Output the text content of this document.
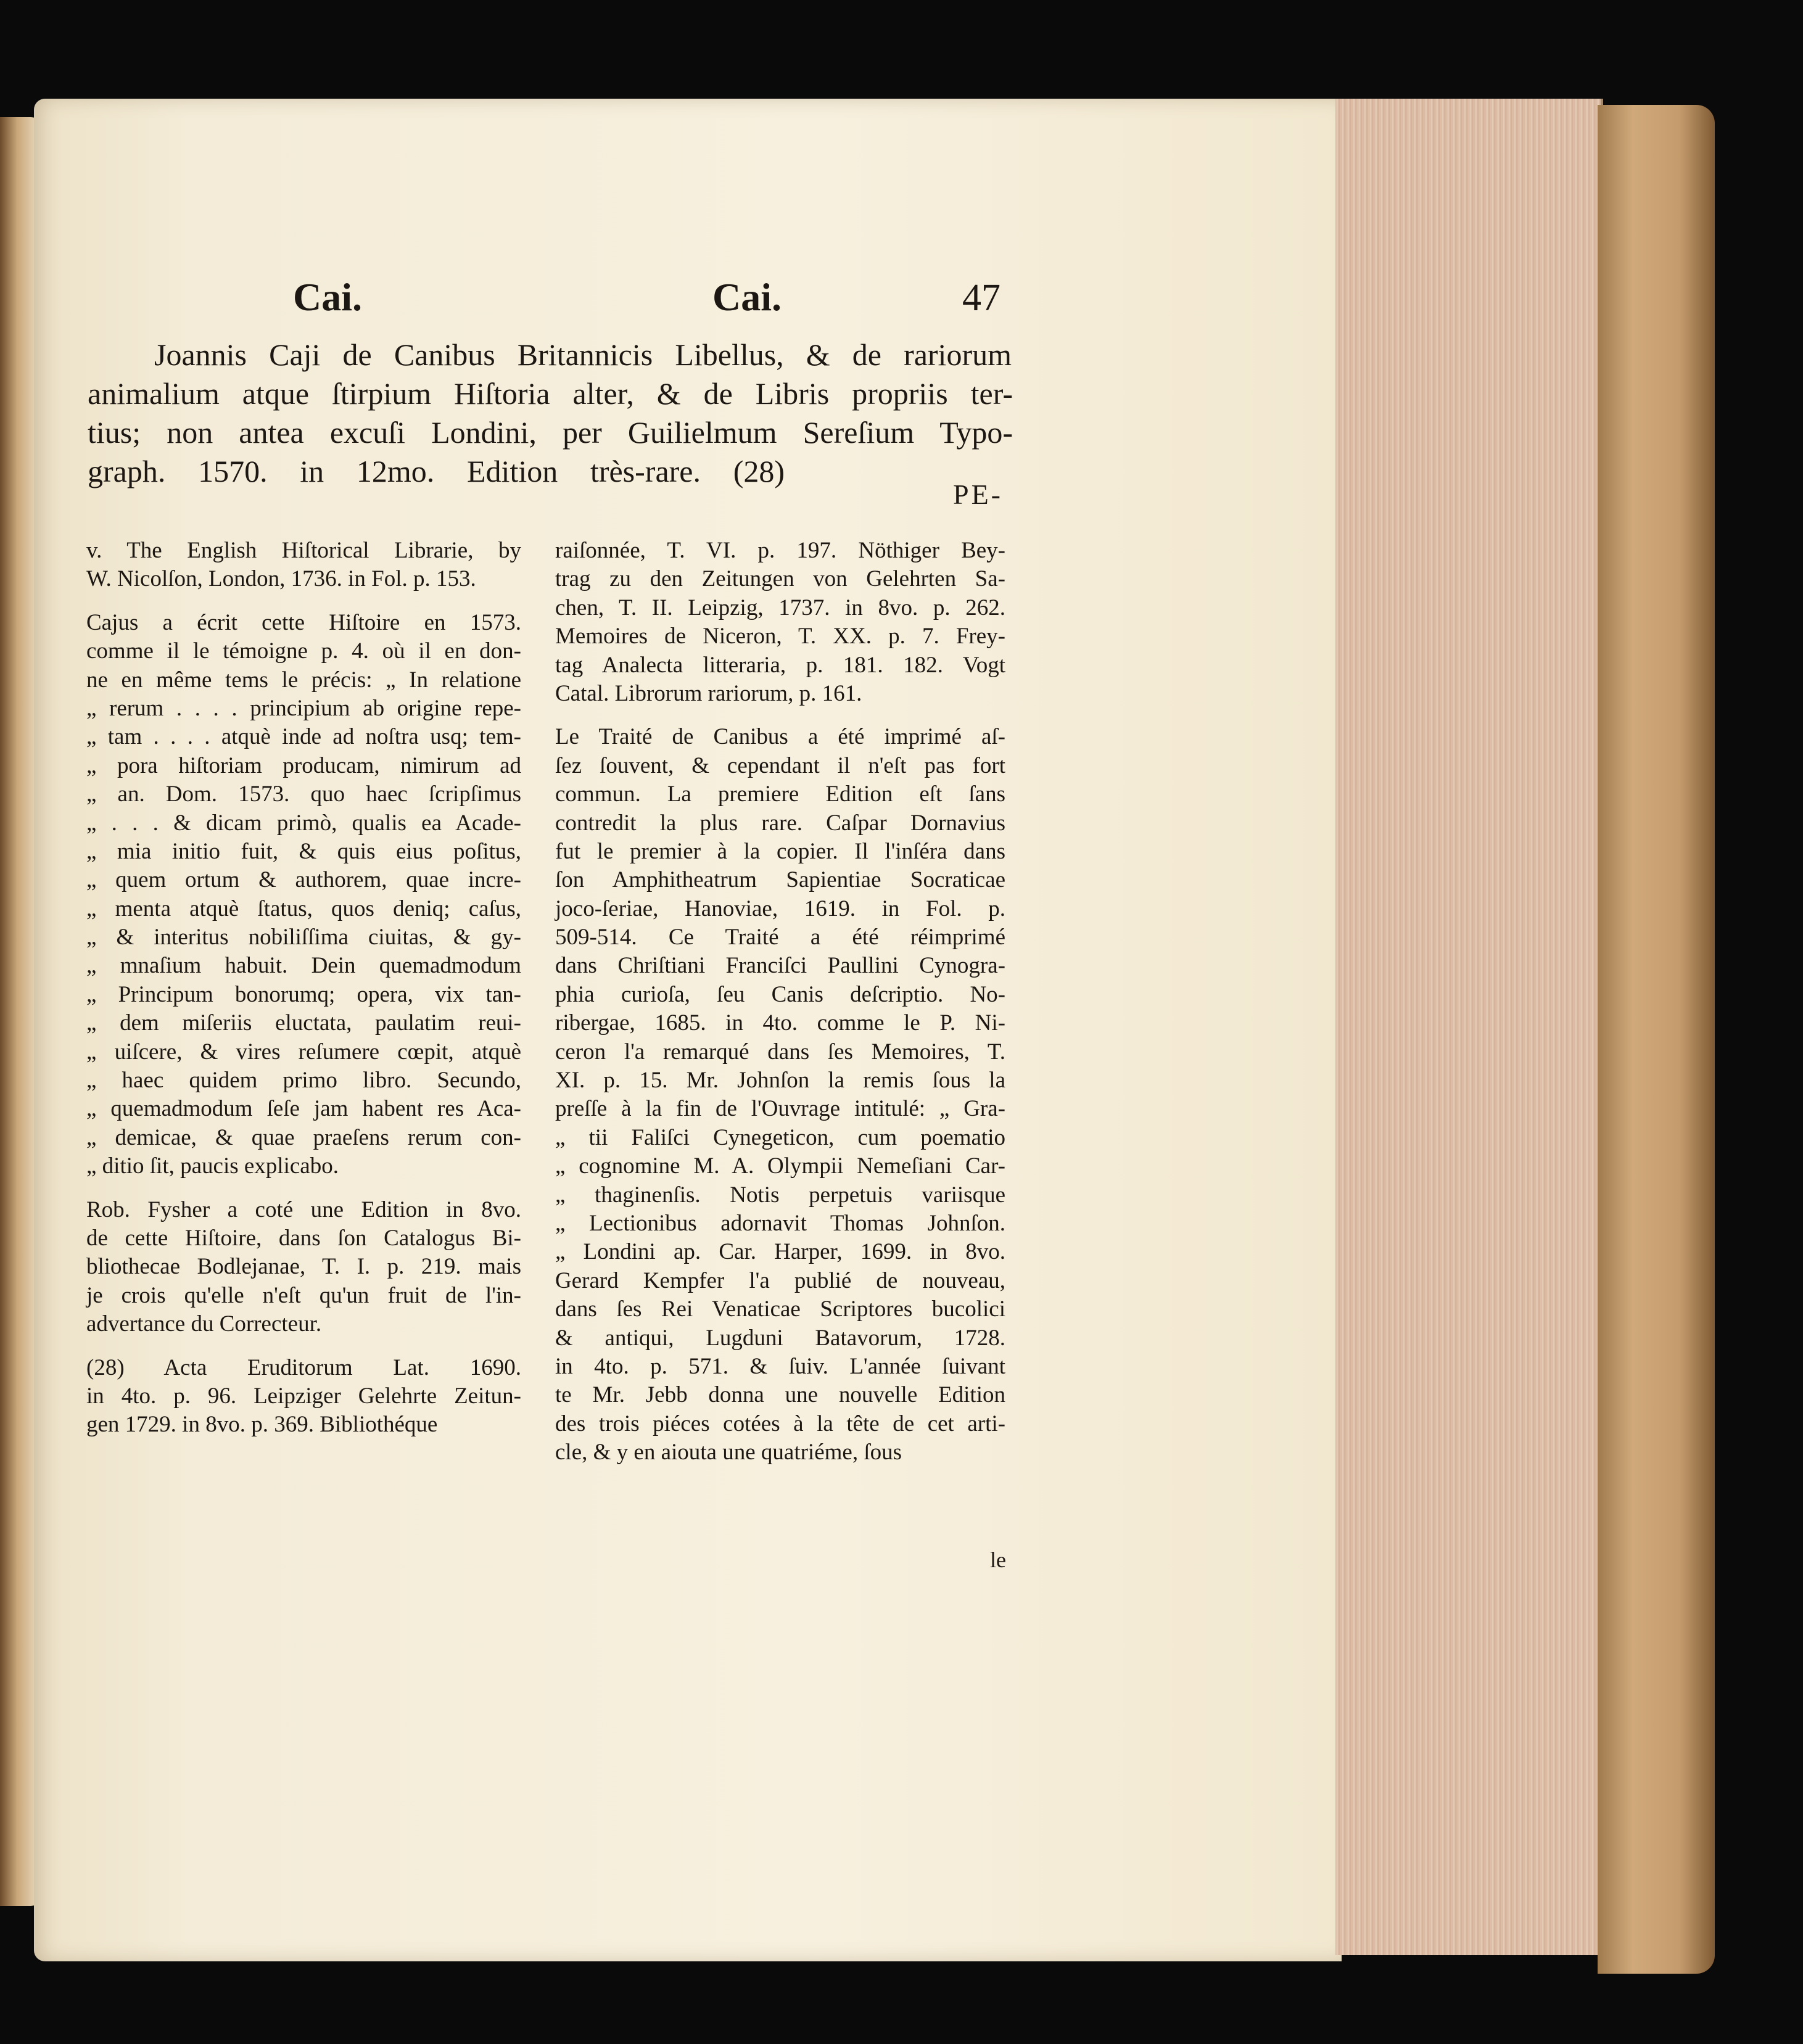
Cai.	Cai.	47
Joannis Caji de Canibus Britannicis Libellus, & de rariorum
animalium atque ſtirpium Hiſtoria alter, & de Libris propriis ter-
tius; non antea excuſi Londini, per Guilielmum Sereſium Typo-
graph. 1570. in 12mo. Edition très-rare. (28)
PE-
v. The English Hiſtorical Librarie, by
W. Nicolſon, London, 1736. in Fol. p. 153.
Cajus a écrit cette Hiſtoire en 1573.
comme il le témoigne p. 4. où il en don-
ne en même tems le précis: „ In relatione
„ rerum . . . . principium ab origine repe-
„ tam . . . . atquè inde ad noſtra usq; tem-
„ pora hiſtoriam producam, nimirum ad
„ an. Dom. 1573. quo haec ſcripſimus
„ . . . & dicam primò, qualis ea Acade-
„ mia initio fuit, & quis eius poſitus,
„ quem ortum & authorem, quae incre-
„ menta atquè ſtatus, quos deniq; caſus,
„ & interitus nobiliſſima ciuitas, & gy-
„ mnaſium habuit. Dein quemadmodum
„ Principum bonorumq; opera, vix tan-
„ dem miſeriis eluctata, paulatim reui-
„ uiſcere, & vires reſumere cœpit, atquè
„ haec quidem primo libro. Secundo,
„ quemadmodum ſeſe jam habent res Aca-
„ demicae, & quae praeſens rerum con-
„ ditio ſit, paucis explicabo.
Rob. Fysher a coté une Edition in 8vo.
de cette Hiſtoire, dans ſon Catalogus Bi-
bliothecae Bodlejanae, T. I. p. 219. mais
je crois qu'elle n'eſt qu'un fruit de l'in-
advertance du Correcteur.
(28) Acta Eruditorum Lat. 1690.
in 4to. p. 96. Leipziger Gelehrte Zeitun-
gen 1729. in 8vo. p. 369. Bibliothéque
raiſonnée, T. VI. p. 197. Nöthiger Bey-
trag zu den Zeitungen von Gelehrten Sa-
chen, T. II. Leipzig, 1737. in 8vo. p. 262.
Memoires de Niceron, T. XX. p. 7. Frey-
tag Analecta litteraria, p. 181. 182. Vogt
Catal. Librorum rariorum, p. 161.
Le Traité de Canibus a été imprimé aſ-
ſez ſouvent, & cependant il n'eſt pas fort
commun. La premiere Edition eſt ſans
contredit la plus rare. Caſpar Dornavius
fut le premier à la copier. Il l'inſéra dans
ſon Amphitheatrum Sapientiae Socraticae
joco-ſeriae, Hanoviae, 1619. in Fol. p.
509-514. Ce Traité a été réimprimé
dans Chriſtiani Franciſci Paullini Cynogra-
phia curioſa, ſeu Canis deſcriptio. No-
ribergae, 1685. in 4to. comme le P. Ni-
ceron l'a remarqué dans ſes Memoires, T.
XI. p. 15. Mr. Johnſon la remis ſous la
preſſe à la fin de l'Ouvrage intitulé: „ Gra-
„ tii Faliſci Cynegeticon, cum poematio
„ cognomine M. A. Olympii Nemeſiani Car-
„ thaginenſis. Notis perpetuis variisque
„ Lectionibus adornavit Thomas Johnſon.
„ Londini ap. Car. Harper, 1699. in 8vo.
Gerard Kempfer l'a publié de nouveau,
dans ſes Rei Venaticae Scriptores bucolici
& antiqui, Lugduni Batavorum, 1728.
in 4to. p. 571. & ſuiv. L'année ſuivant
te Mr. Jebb donna une nouvelle Edition
des trois piéces cotées à la tête de cet arti-
cle, & y en aiouta une quatriéme, ſous
le
